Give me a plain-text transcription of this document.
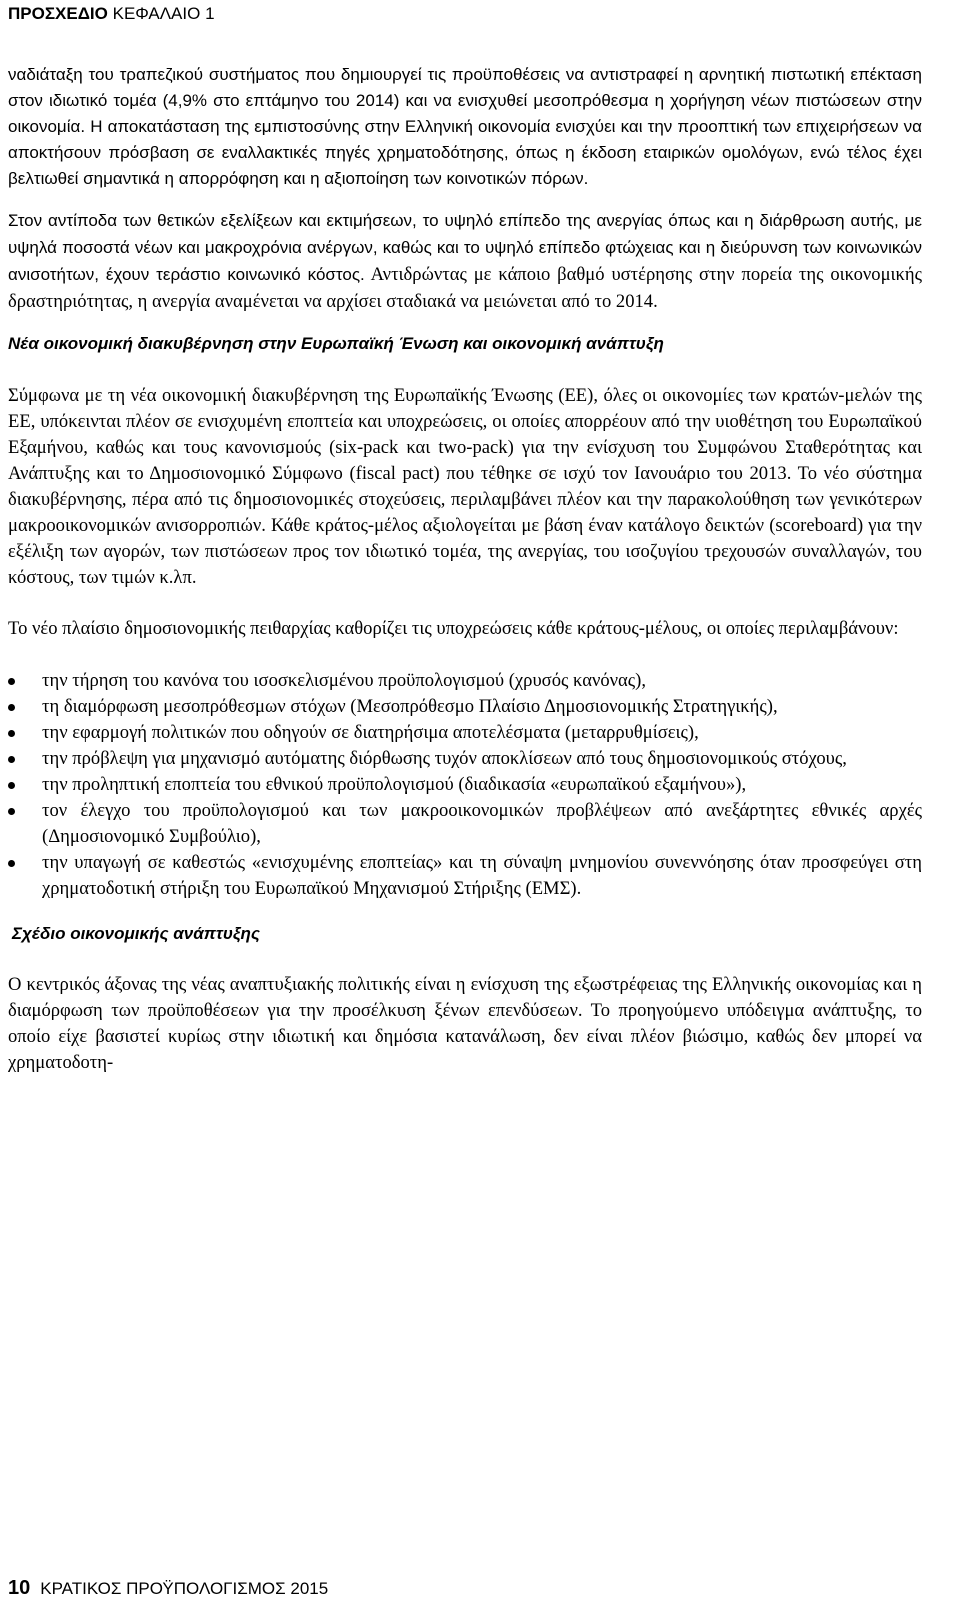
ΠΡΟΣΧΕΔΙΟ ΚΕΦΑΛΑΙΟ 1

ναδιάταξη του τραπεζικού συστήματος που δημιουργεί τις προϋποθέσεις να αντιστραφεί η αρνητική πιστωτική επέκταση στον ιδιωτικό τομέα (4,9% στο επτάμηνο του 2014) και να ενισχυθεί μεσοπρόθεσμα η χορήγηση νέων πιστώσεων στην οικονομία. Η αποκατάσταση της εμπιστοσύνης στην Ελληνική οικονομία ενισχύει και την προοπτική των επιχειρήσεων να αποκτήσουν πρόσβαση σε εναλλακτικές πηγές χρηματοδότησης, όπως η έκδοση εταιρικών ομολόγων, ενώ τέλος έχει βελτιωθεί σημαντικά η απορρόφηση και η αξιοποίηση των κοινοτικών πόρων.

Στον αντίποδα των θετικών εξελίξεων και εκτιμήσεων, το υψηλό επίπεδο της ανεργίας όπως και η διάρθρωση αυτής, με υψηλά ποσοστά νέων και μακροχρόνια ανέργων, καθώς και το υψηλό επίπεδο φτώχειας και η διεύρυνση των κοινωνικών ανισοτήτων, έχουν τεράστιο κοινωνικό κόστος. Αντιδρώντας με κάποιο βαθμό υστέρησης στην πορεία της οικονομικής δραστηριότητας, η ανεργία αναμένεται να αρχίσει σταδιακά να μειώνεται από το 2014.

Νέα οικονομική διακυβέρνηση στην Ευρωπαϊκή Ένωση και οικονομική ανάπτυξη

Σύμφωνα με τη νέα οικονομική διακυβέρνηση της Ευρωπαϊκής Ένωσης (ΕΕ), όλες οι οικονομίες των κρατών-μελών της ΕΕ, υπόκεινται πλέον σε ενισχυμένη εποπτεία και υποχρεώσεις, οι οποίες απορρέουν από την υιοθέτηση του Ευρωπαϊκού Εξαμήνου, καθώς και τους κανονισμούς (six-pack και two-pack) για την ενίσχυση του Συμφώνου Σταθερότητας και Ανάπτυξης και το Δημοσιονομικό Σύμφωνο (fiscal pact) που τέθηκε σε ισχύ τον Ιανουάριο του 2013. Το νέο σύστημα διακυβέρνησης, πέρα από τις δημοσιονομικές στοχεύσεις, περιλαμβάνει πλέον και την παρακολούθηση των γενικότερων μακροοικονομικών ανισορροπιών. Κάθε κράτος-μέλος αξιολογείται με βάση έναν κατάλογο δεικτών (scoreboard) για την εξέλιξη των αγορών, των πιστώσεων προς τον ιδιωτικό τομέα, της ανεργίας, του ισοζυγίου τρεχουσών συναλλαγών, του κόστους, των τιμών κ.λπ.

Το νέο πλαίσιο δημοσιονομικής πειθαρχίας καθορίζει τις υποχρεώσεις κάθε κράτους-μέλους, οι οποίες περιλαμβάνουν:

την τήρηση του κανόνα του ισοσκελισμένου προϋπολογισμού (χρυσός κανόνας),
τη διαμόρφωση μεσοπρόθεσμων στόχων (Μεσοπρόθεσμο Πλαίσιο Δημοσιονομικής Στρατηγικής),
την εφαρμογή πολιτικών που οδηγούν σε διατηρήσιμα αποτελέσματα (μεταρρυθμίσεις),
την πρόβλεψη για μηχανισμό αυτόματης διόρθωσης τυχόν αποκλίσεων από τους δημοσιονομικούς στόχους,
την προληπτική εποπτεία του εθνικού προϋπολογισμού (διαδικασία «ευρωπαϊκού εξαμήνου»),
τον έλεγχο του προϋπολογισμού και των μακροοικονομικών προβλέψεων από ανεξάρτητες εθνικές αρχές (Δημοσιονομικό Συμβούλιο),
την υπαγωγή σε καθεστώς «ενισχυμένης εποπτείας» και τη σύναψη μνημονίου συνεννόησης όταν προσφεύγει στη χρηματοδοτική στήριξη του Ευρωπαϊκού Μηχανισμού Στήριξης (ΕΜΣ).
Σχέδιο οικονομικής ανάπτυξης

Ο κεντρικός άξονας της νέας αναπτυξιακής πολιτικής είναι η ενίσχυση της εξωστρέφειας της Ελληνικής οικονομίας και η διαμόρφωση των προϋποθέσεων για την προσέλκυση ξένων επενδύσεων. Το προηγούμενο υπόδειγμα ανάπτυξης, το οποίο είχε βασιστεί κυρίως στην ιδιωτική και δημόσια κατανάλωση, δεν είναι πλέον βιώσιμο, καθώς δεν μπορεί να χρηματοδοτη-

10 ΚΡΑΤΙΚΟΣ ΠΡΟΫΠΟΛΟΓΙΣΜΟΣ 2015
